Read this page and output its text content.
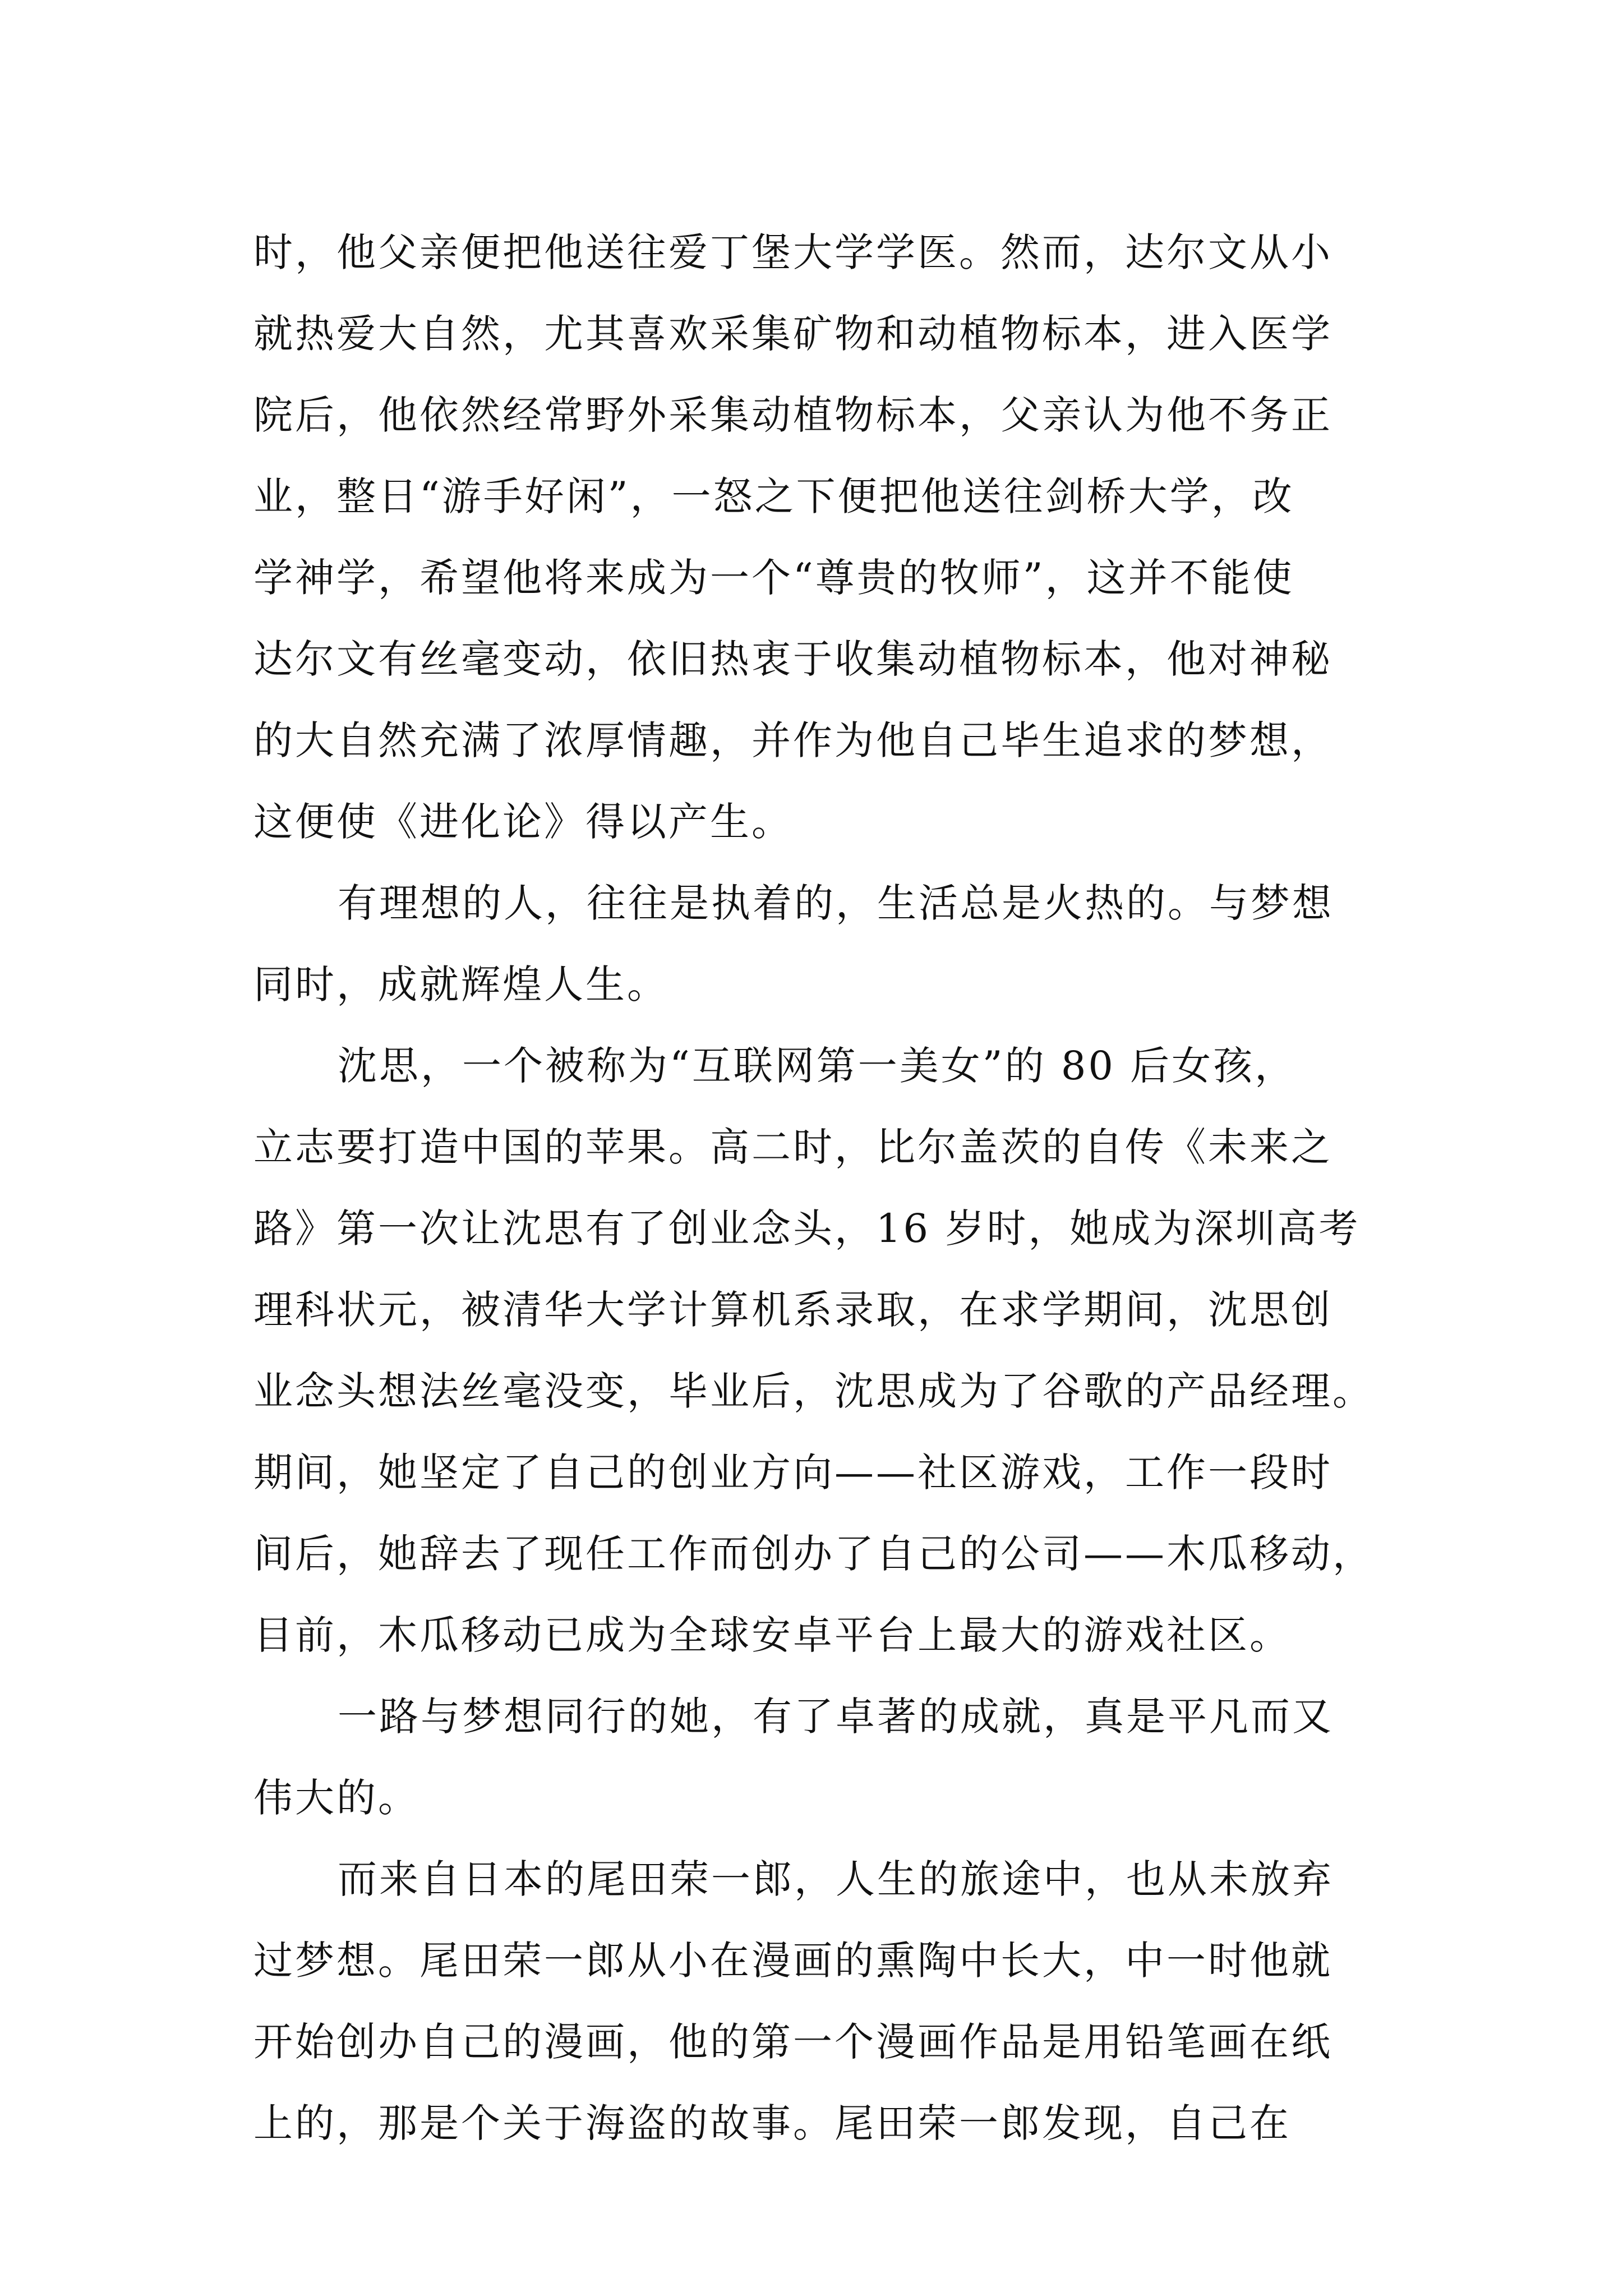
时，他父亲便把他送往爱丁堡大学学医。然而，达尔文从小
就热爱大自然，尤其喜欢采集矿物和动植物标本，进入医学
院后，他依然经常野外采集动植物标本，父亲认为他不务正
业，整日“游手好闲”，一怒之下便把他送往剑桥大学，改
学神学，希望他将来成为一个“尊贵的牧师”，这并不能使
达尔文有丝毫变动，依旧热衷于收集动植物标本，他对神秘
的大自然充满了浓厚情趣，并作为他自己毕生追求的梦想，
这便使《进化论》得以产生。

有理想的人，往往是执着的，生活总是火热的。与梦想
同时，成就辉煌人生。

沈思，一个被称为“互联网第一美女”的 80 后女孩，
立志要打造中国的苹果。高二时，比尔盖茨的自传《未来之
路》第一次让沈思有了创业念头，16 岁时，她成为深圳高考
理科状元，被清华大学计算机系录取，在求学期间，沈思创
业念头想法丝毫没变，毕业后，沈思成为了谷歌的产品经理。
期间，她坚定了自己的创业方向——社区游戏，工作一段时
间后，她辞去了现任工作而创办了自己的公司——木瓜移动，
目前，木瓜移动已成为全球安卓平台上最大的游戏社区。

一路与梦想同行的她，有了卓著的成就，真是平凡而又
伟大的。

而来自日本的尾田荣一郎，人生的旅途中，也从未放弃
过梦想。尾田荣一郎从小在漫画的熏陶中长大，中一时他就
开始创办自己的漫画，他的第一个漫画作品是用铅笔画在纸
上的，那是个关于海盗的故事。尾田荣一郎发现，自己在
